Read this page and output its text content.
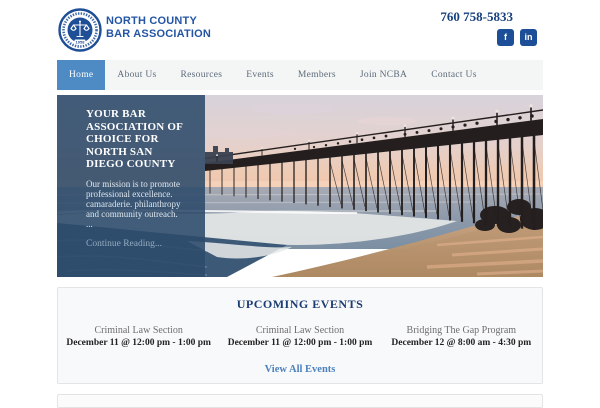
1958
NORTH COUNTY
BAR ASSOCIATION
760 758-5833
f	in
Home	About Us	Resources	Events	Members	Join NCBA	Contact Us
YOUR BAR ASSOCIATION OF CHOICE FOR NORTH SAN DIEGO COUNTY

Our mission is to promote professional excellence. camaraderie. philanthropy and community outreach. ...

Continue Reading...
UPCOMING EVENTS
Criminal Law Section
December 11 @ 12:00 pm - 1:00 pm
Criminal Law Section
December 11 @ 12:00 pm - 1:00 pm
Bridging The Gap Program
December 12 @ 8:00 am - 4:30 pm
View All Events
